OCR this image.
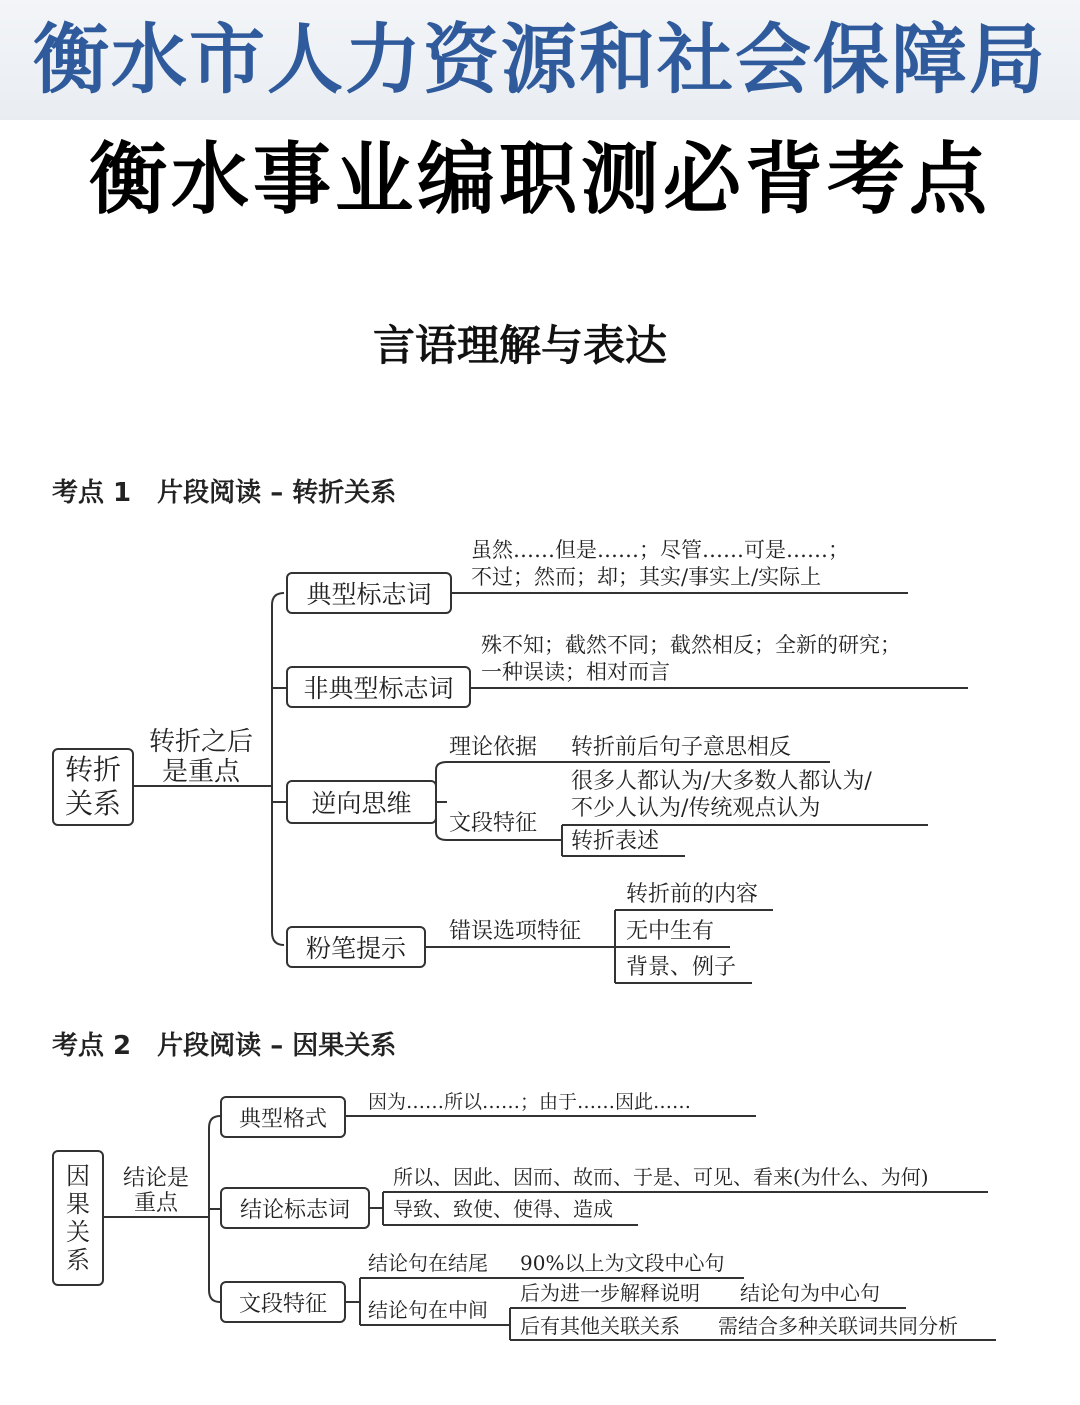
衡水市人力资源和社会保障局
衡水事业编职测必背考点
言语理解与表达
考点 1　片段阅读 – 转折关系
转折关系
转折之后
是重点
典型标志词
虽然……但是……；尽管……可是……；
不过；然而；却；其实/事实上/实际上
非典型标志词
殊不知；截然不同；截然相反；全新的研究；
一种误读；相对而言
逆向思维
理论依据 转折前后句子意思相反
文段特征
很多人都认为/大多数人都认为/
不少人认为/传统观点认为
转折表述
粉笔提示
错误选项特征
转折前的内容
无中生有
背景、例子
考点 2　片段阅读 – 因果关系
因果关系
结论是
重点
典型格式
因为……所以……；由于……因此……
结论标志词
所以、因此、因而、故而、于是、可见、看来(为什么、为何)
导致、致使、使得、造成
文段特征
结论句在结尾 90%以上为文段中心句
结论句在中间
后为进一步解释说明 结论句为中心句
后有其他关联关系 需结合多种关联词共同分析
